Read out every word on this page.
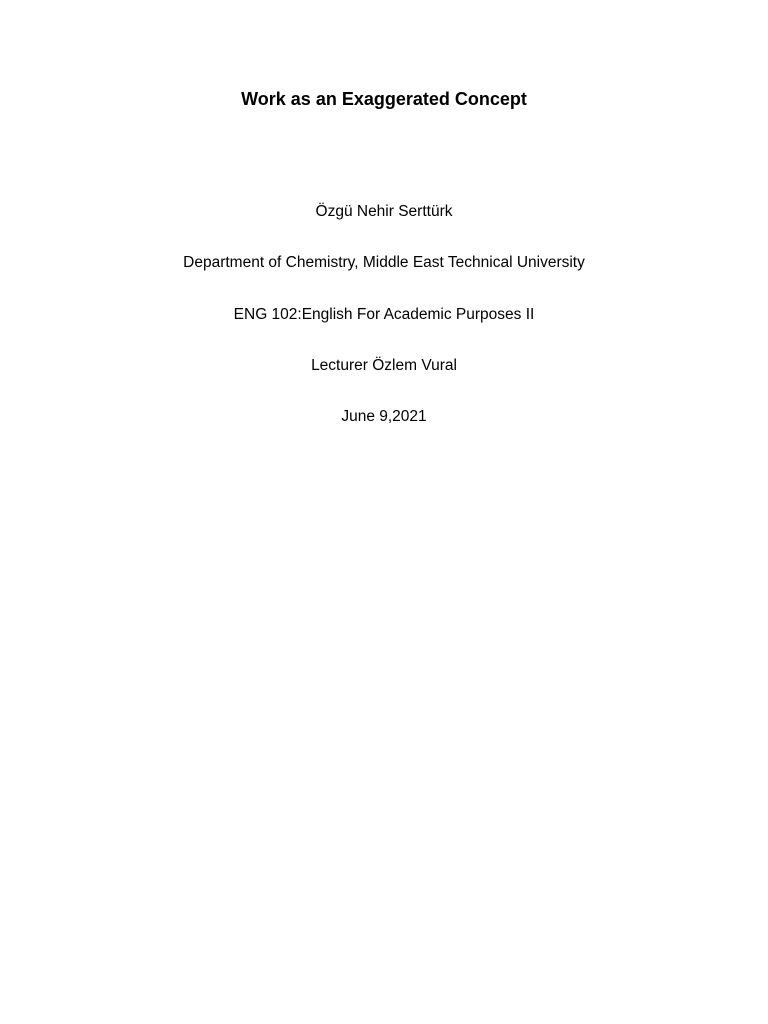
Work as an Exaggerated Concept
Özgü Nehir Serttürk
Department of Chemistry, Middle East Technical University
ENG 102:English For Academic Purposes II
Lecturer Özlem Vural
June 9,2021
